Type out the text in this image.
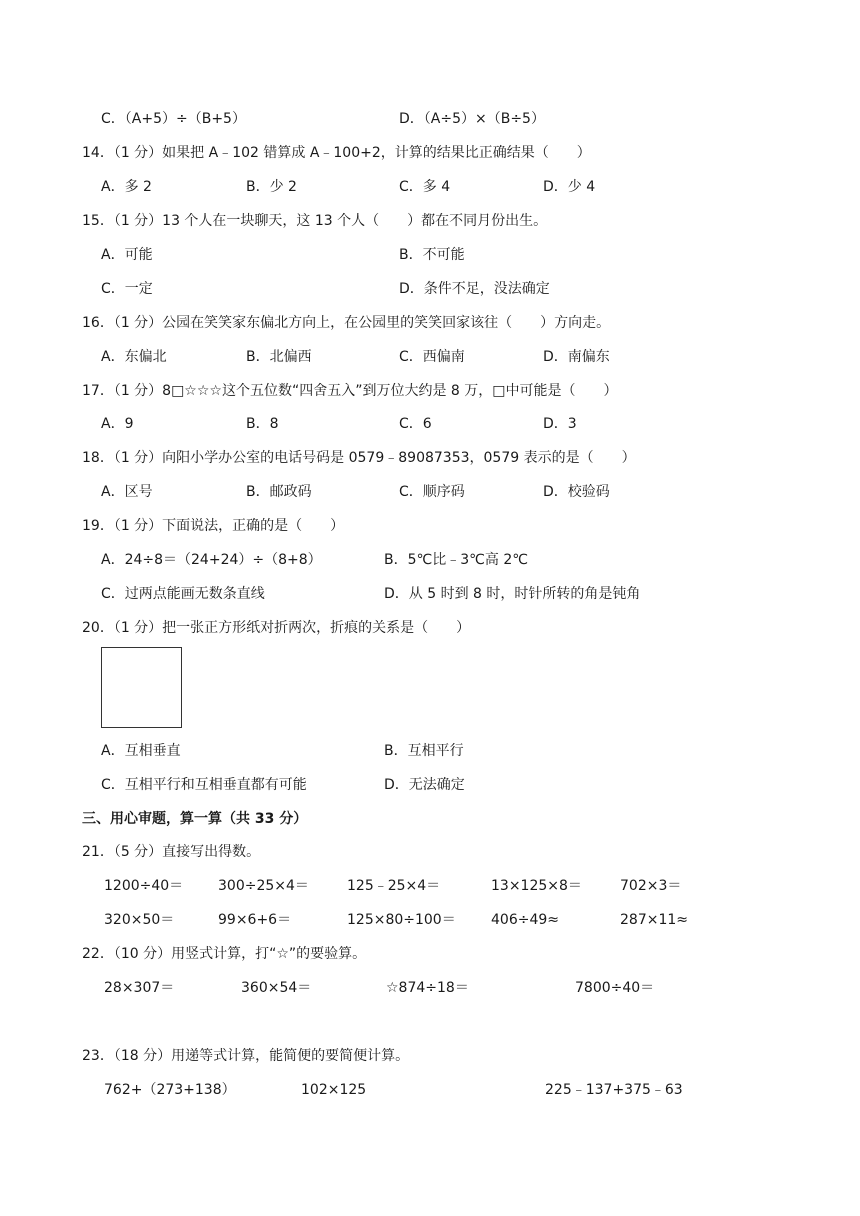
C．（A+5）÷（B+5）	D．（A÷5）×（B÷5）
14．（1 分）如果把 A﹣102 错算成 A﹣100+2，计算的结果比正确结果（　　）
A．多 2	B．少 2	C．多 4	D．少 4
15．（1 分）13 个人在一块聊天，这 13 个人（　　）都在不同月份出生。
A．可能	B．不可能
C．一定	D．条件不足，没法确定
16．（1 分）公园在笑笑家东偏北方向上，在公园里的笑笑回家该往（　　）方向走。
A．东偏北	B．北偏西	C．西偏南	D．南偏东
17．（1 分）8□☆☆☆这个五位数“四舍五入”到万位大约是 8 万，□中可能是（　　）
A．9	B．8	C．6	D．3
18．（1 分）向阳小学办公室的电话号码是 0579﹣89087353，0579 表示的是（　　）
A．区号	B．邮政码	C．顺序码	D．校验码
19．（1 分）下面说法，正确的是（　　）
A．24÷8＝（24+24）÷（8+8）	B．5℃比﹣3℃高 2℃
C．过两点能画无数条直线	D．从 5 时到 8 时，时针所转的角是钝角
20．（1 分）把一张正方形纸对折两次，折痕的关系是（　　）
A．互相垂直	B．互相平行
C．互相平行和互相垂直都有可能	D．无法确定
三、用心审题，算一算（共 33 分）
21．（5 分）直接写出得数。
1200÷40＝ 300÷25×4＝	125﹣25×4＝	13×125×8＝	702×3＝
320×50＝	99×6+6＝	125×80÷100＝	406÷49≈	287×11≈
22．（10 分）用竖式计算，打“☆”的要验算。
28×307＝	360×54＝	☆874÷18＝	7800÷40＝
23．（18 分）用递等式计算，能简便的要简便计算。
762+（273+138）	102×125	225﹣137+375﹣63
